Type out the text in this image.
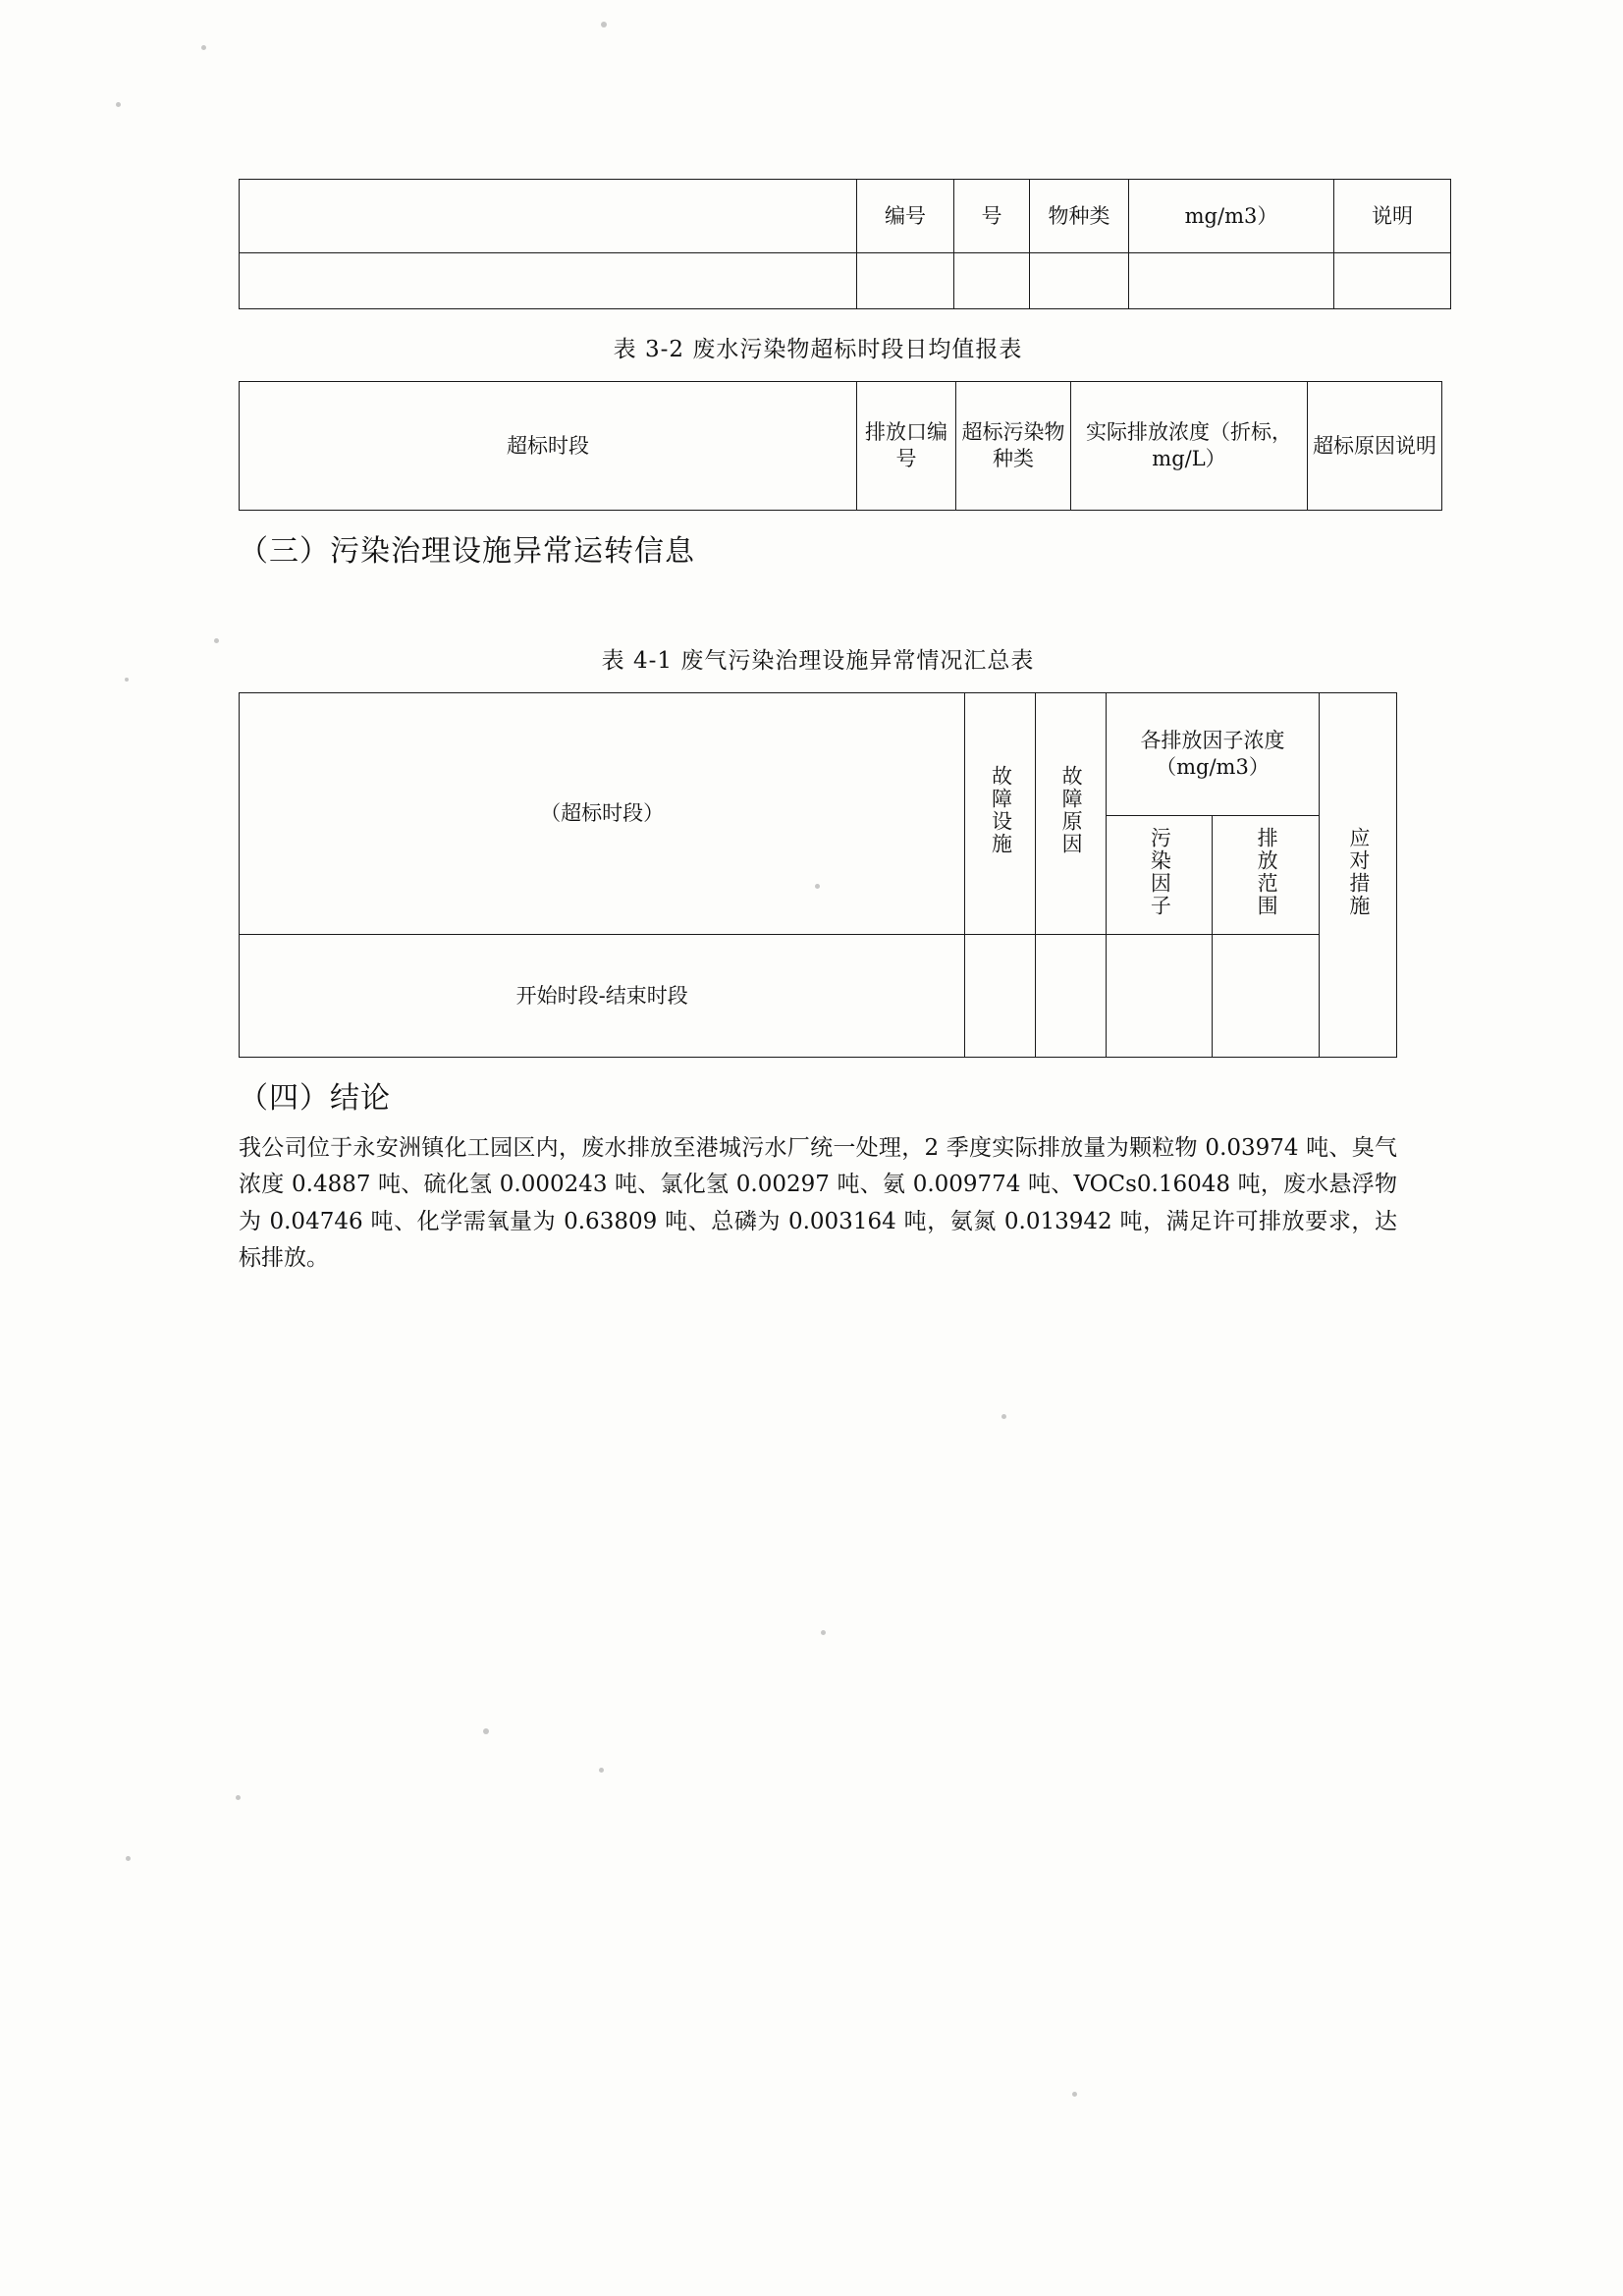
	编号	号	物种类	mg/m3）	说明

表 3-2 废水污染物超标时段日均值报表
超标时段	排放口编号	超标污染物种类	实际排放浓度（折标，mg/L）	超标原因说明
（三）污染治理设施异常运转信息
表 4-1 废气污染治理设施异常情况汇总表
（超标时段）	故障设施	故障原因	各排放因子浓度（mg/m3）		应对措施
			污染因子	排放范围	
开始时段-结束时段					
（四）结论
我公司位于永安洲镇化工园区内，废水排放至港城污水厂统一处理，2 季度实际排放量为颗粒物 0.03974 吨、臭气浓度 0.4887 吨、硫化氢 0.000243 吨、氯化氢 0.00297 吨、氨 0.009774 吨、VOCs0.16048 吨，废水悬浮物为 0.04746 吨、化学需氧量为 0.63809 吨、总磷为 0.003164 吨，氨氮 0.013942 吨，满足许可排放要求，达标排放。
